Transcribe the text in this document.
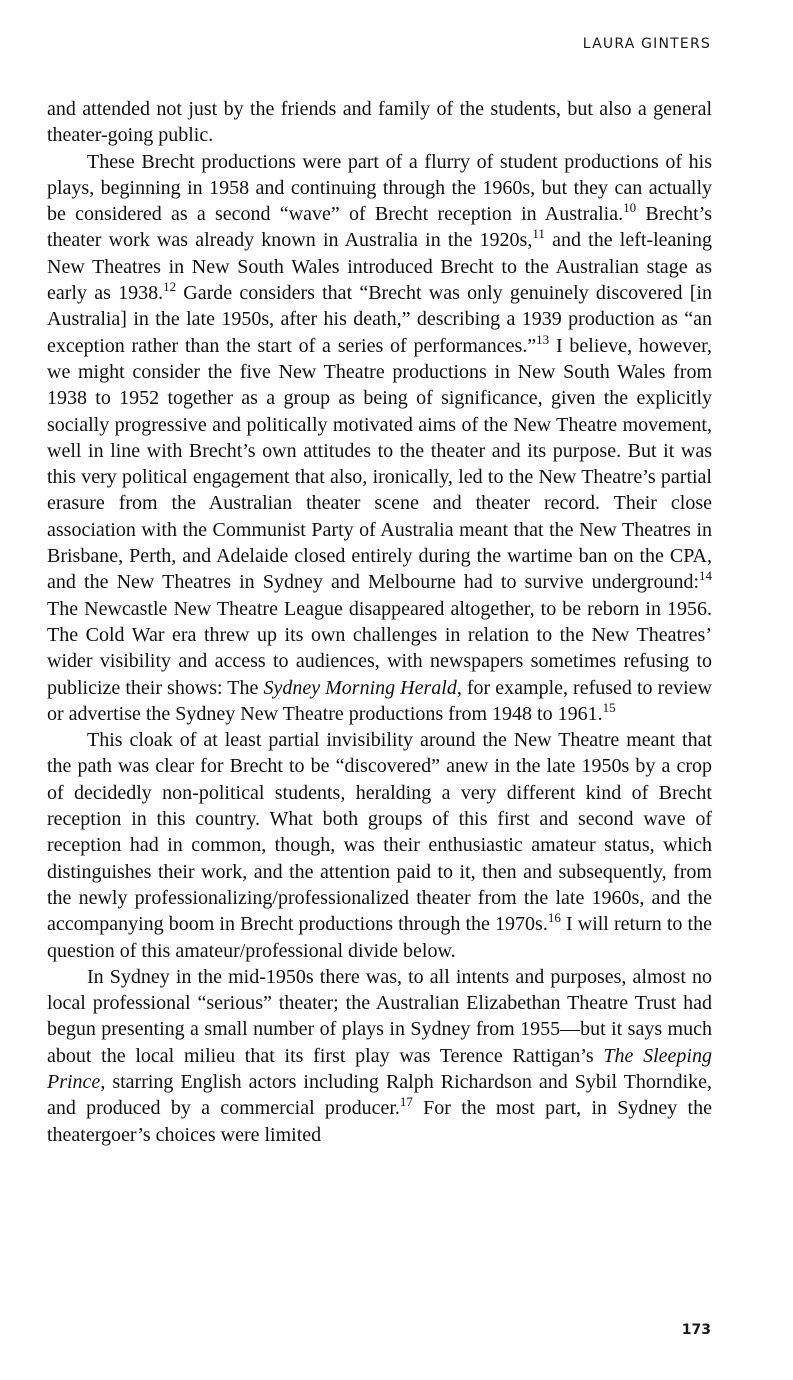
LAURA GINTERS

and attended not just by the friends and family of the students, but also a general theater-going public.

These Brecht productions were part of a flurry of student productions of his plays, beginning in 1958 and continuing through the 1960s, but they can actually be considered as a second “wave” of Brecht reception in Australia.$^{10}$ Brecht’s theater work was already known in Australia in the 1920s,$^{11}$ and the left-leaning New Theatres in New South Wales introduced Brecht to the Australian stage as early as 1938.12 Garde considers that “Brecht was only genuinely discovered [in Australia] in the late 1950s, after his death,” describing a 1939 production as “an exception rather than the start of a series of performances.”$^{13}$ I believe, however, we might consider the five New Theatre productions in New South Wales from 1938 to 1952 together as a group as being of significance, given the explicitly socially progressive and politically motivated aims of the New Theatre movement, well in line with Brecht’s own attitudes to the theater and its purpose. But it was this very political engagement that also, ironically, led to the New Theatre’s partial erasure from the Australian theater scene and theater record. Their close association with the Communist Party of Australia meant that the New Theatres in Brisbane, Perth, and Adelaide closed entirely during the wartime ban on the CPA, and the New Theatres in Sydney and Melbourne had to survive underground:$^{14}$ The Newcastle New Theatre League disappeared altogether, to be reborn in 1956. The Cold War era threw up its own challenges in relation to the New Theatres’ wider visibility and access to audiences, with newspapers sometimes refusing to publicize their shows: The Sydney Morning Herald, for example, refused to review or advertise the Sydney New Theatre productions from 1948 to 1961.15

This cloak of at least partial invisibility around the New Theatre meant that the path was clear for Brecht to be “discovered” anew in the late 1950s by a crop of decidedly non-political students, heralding a very different kind of Brecht reception in this country. What both groups of this first and second wave of reception had in common, though, was their enthusiastic amateur status, which distinguishes their work, and the attention paid to it, then and subsequently, from the newly professionalizing/professionalized theater from the late 1960s, and the accompanying boom in Brecht productions through the 1970s.$^{16}$ I will return to the question of this amateur/​professional divide below.

In Sydney in the mid-1950s there was, to all intents and purposes, almost no local professional “serious” theater; the Australian Elizabethan Theatre Trust had begun presenting a small number of plays in Sydney from 1955—but it says much about the local milieu that its first play was Terence Rattigan’s The Sleeping Prince, starring English actors including Ralph Richardson and Sybil Thorndike, and produced by a commercial producer.$^{17}$ For the most part, in Sydney the theatergoer’s choices were limited

173
